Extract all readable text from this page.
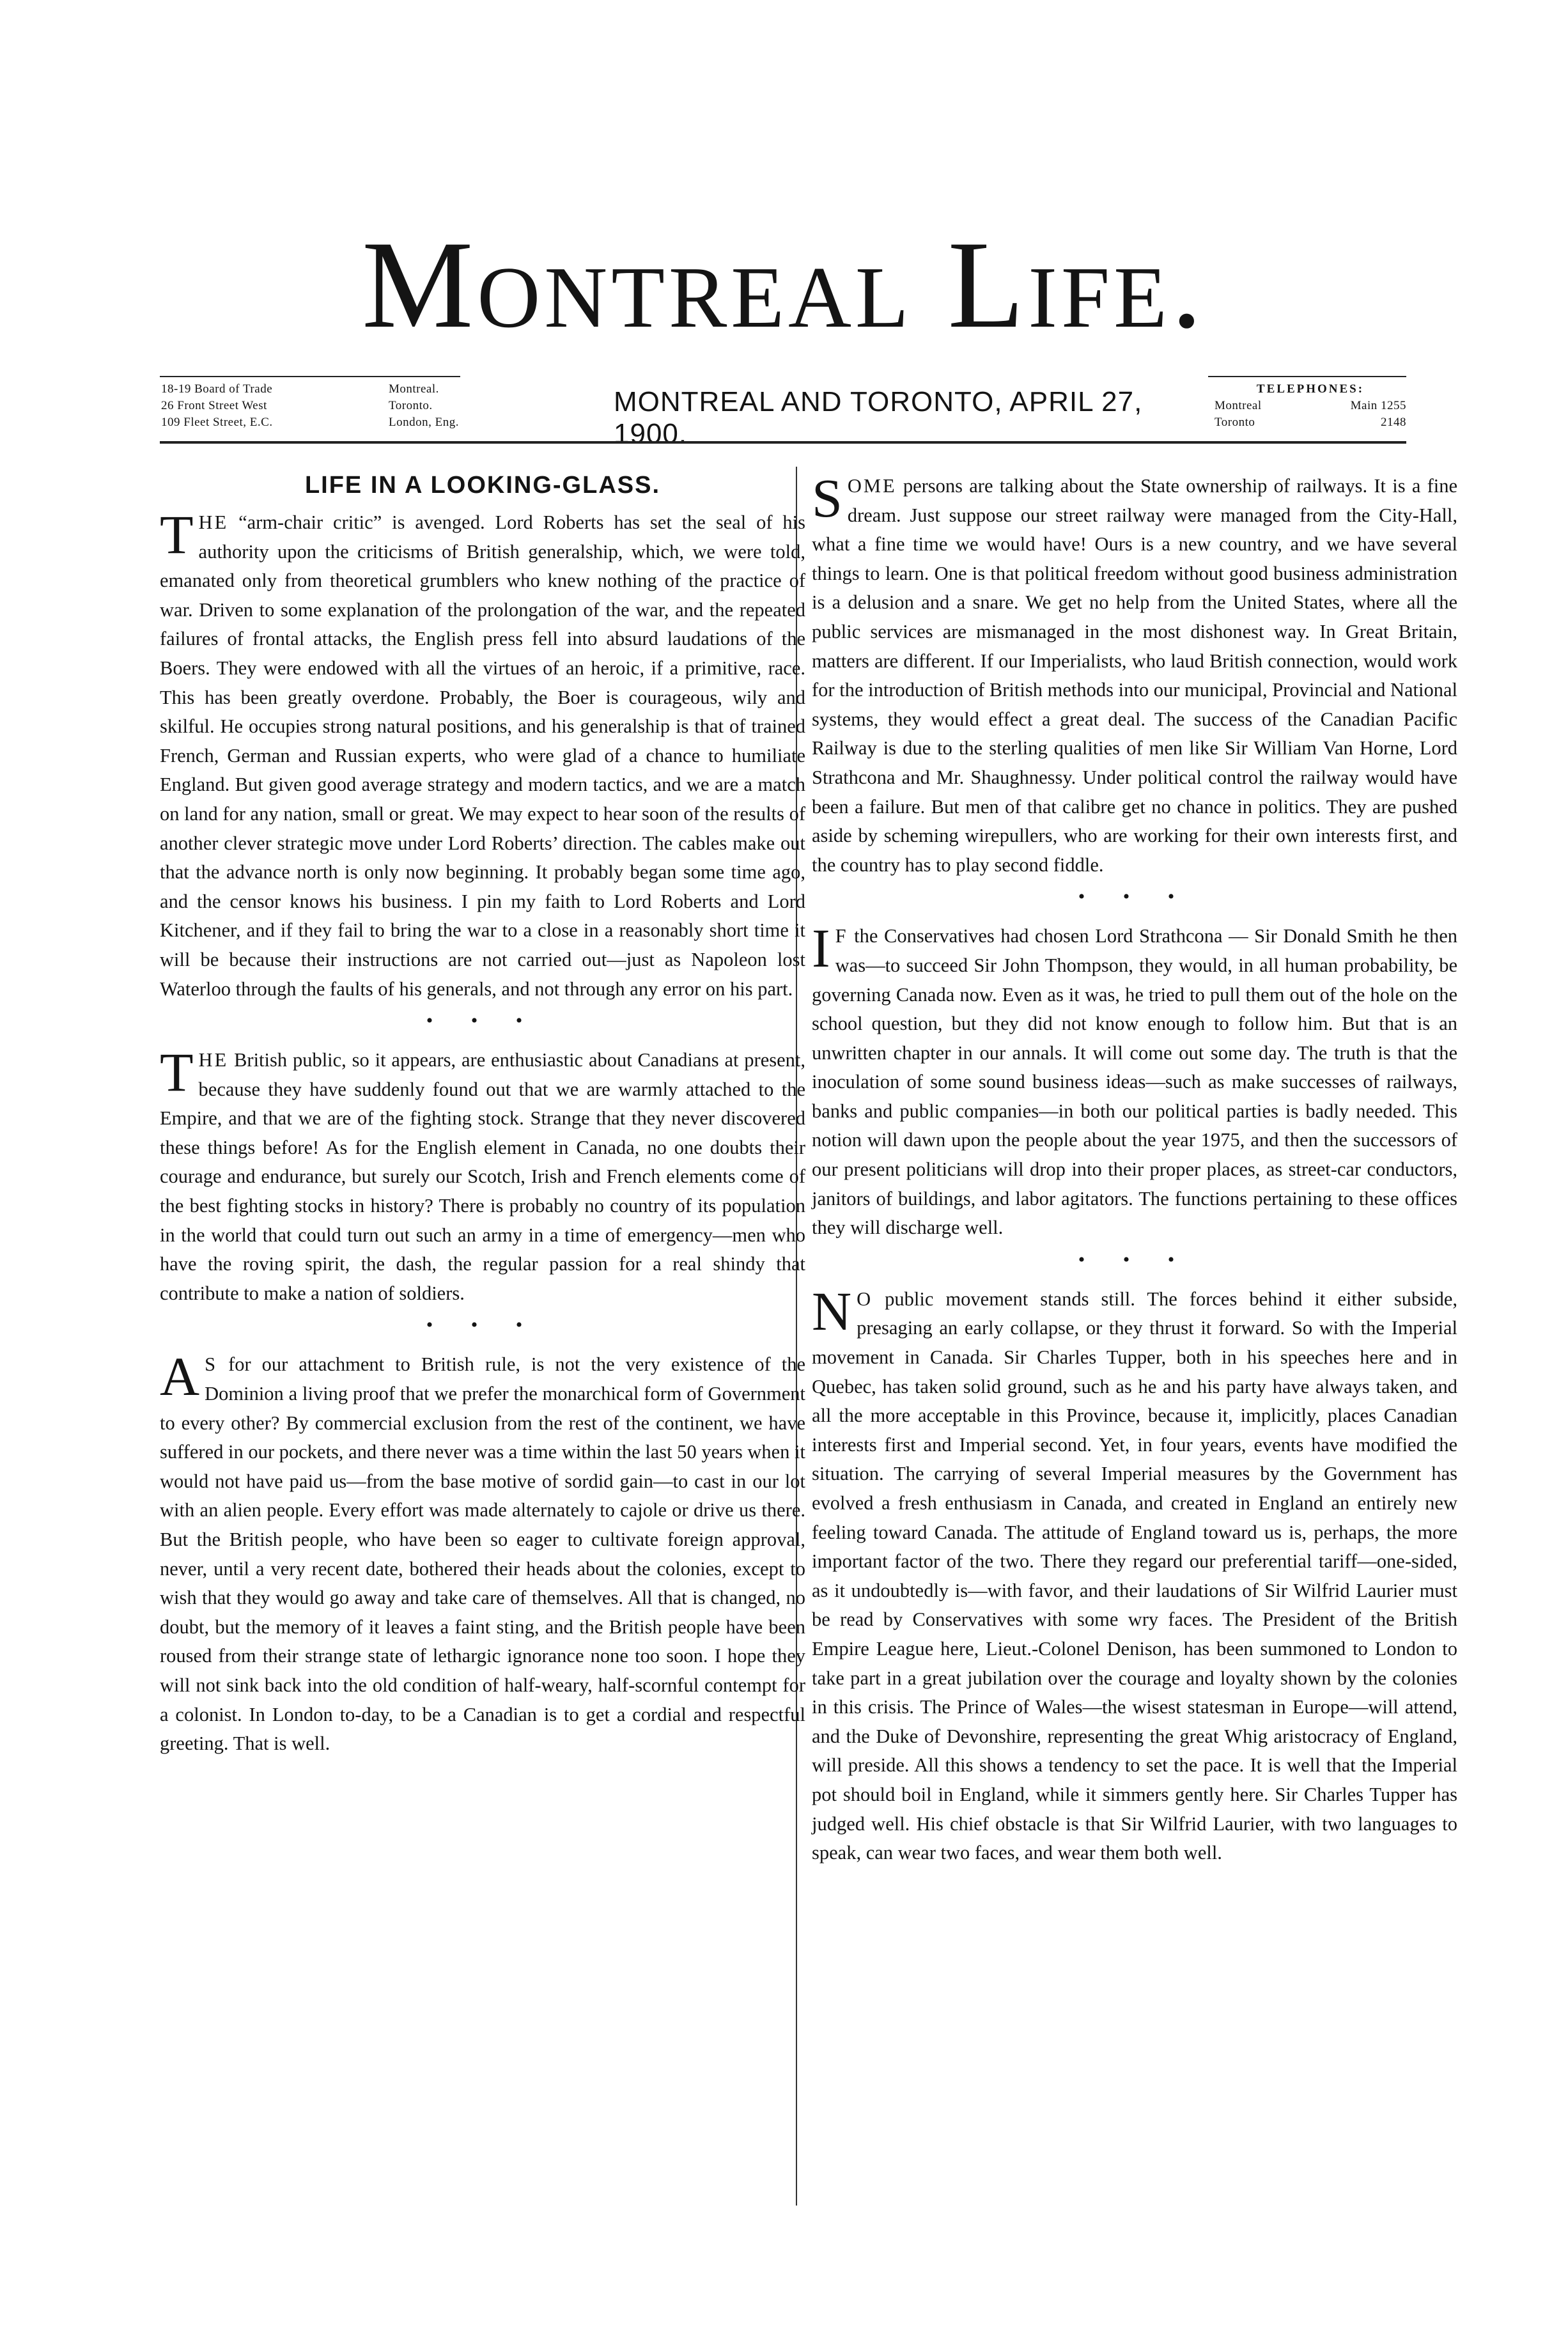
Montreal Life.
18-19 Board of Trade
26 Front Street West
109 Fleet Street, E.C.
Montreal.
Toronto.
London, Eng.
MONTREAL AND TORONTO, APRIL 27, 1900.
TELEPHONES:
Montreal	Main 1255
Toronto	2148
LIFE IN A LOOKING-GLASS.

THE “arm-chair critic” is avenged. Lord Roberts has set the seal of his authority upon the criticisms of British generalship, which, we were told, emanated only from theoretical grumblers who knew nothing of the practice of war. Driven to some explanation of the prolongation of the war, and the repeated failures of frontal attacks, the English press fell into absurd laudations of the Boers. They were endowed with all the virtues of an heroic, if a primitive, race. This has been greatly overdone. Probably, the Boer is courageous, wily and skilful. He occupies strong natural positions, and his generalship is that of trained French, German and Russian experts, who were glad of a chance to humiliate England. But given good average strategy and modern tactics, and we are a match on land for any nation, small or great. We may expect to hear soon of the results of another clever strategic move under Lord Roberts’ direction. The cables make out that the advance north is only now beginning. It probably began some time ago, and the censor knows his business. I pin my faith to Lord Roberts and Lord Kitchener, and if they fail to bring the war to a close in a reasonably short time it will be because their instructions are not carried out—just as Napoleon lost Waterloo through the faults of his generals, and not through any error on his part.

• • •

THE British public, so it appears, are enthusiastic about Canadians at present, because they have suddenly found out that we are warmly attached to the Empire, and that we are of the fighting stock. Strange that they never discovered these things before! As for the English element in Canada, no one doubts their courage and endurance, but surely our Scotch, Irish and French elements come of the best fighting stocks in history? There is probably no country of its population in the world that could turn out such an army in a time of emergency—men who have the roving spirit, the dash, the regular passion for a real shindy that contribute to make a nation of soldiers.

• • •

A S for our attachment to British rule, is not the very existence of the Dominion a living proof that we prefer the monarchical form of Government to every other? By commercial exclusion from the rest of the continent, we have suffered in our pockets, and there never was a time within the last 50 years when it would not have paid us—from the base motive of sordid gain—to cast in our lot with an alien people. Every effort was made alternately to cajole or drive us there. But the British people, who have been so eager to cultivate foreign approval, never, until a very recent date, bothered their heads about the colonies, except to wish that they would go away and take care of themselves. All that is changed, no doubt, but the memory of it leaves a faint sting, and the British people have been roused from their strange state of lethargic ignorance none too soon. I hope they will not sink back into the old condition of half-weary, half-scornful contempt for a colonist. In London to-day, to be a Canadian is to get a cordial and respectful greeting. That is well.

SOME persons are talking about the State ownership of railways. It is a fine dream. Just suppose our street railway were managed from the City-Hall, what a fine time we would have! Ours is a new country, and we have several things to learn. One is that political freedom without good business administration is a delusion and a snare. We get no help from the United States, where all the public services are mismanaged in the most dishonest way. In Great Britain, matters are different. If our Imperialists, who laud British connection, would work for the introduction of British methods into our municipal, Provincial and National systems, they would effect a great deal. The success of the Canadian Pacific Railway is due to the sterling qualities of men like Sir William Van Horne, Lord Strathcona and Mr. Shaughnessy. Under political control the railway would have been a failure. But men of that calibre get no chance in politics. They are pushed aside by scheming wirepullers, who are working for their own interests first, and the country has to play second fiddle.

• • •

I F the Conservatives had chosen Lord Strathcona — Sir Donald Smith he then was—to succeed Sir John Thompson, they would, in all human probability, be governing Canada now. Even as it was, he tried to pull them out of the hole on the school question, but they did not know enough to follow him. But that is an unwritten chapter in our annals. It will come out some day. The truth is that the inoculation of some sound business ideas—such as make successes of railways, banks and public companies—in both our political parties is badly needed. This notion will dawn upon the people about the year 1975, and then the successors of our present politicians will drop into their proper places, as street-car conductors, janitors of buildings, and labor agitators. The functions pertaining to these offices they will discharge well.

• • •

N O public movement stands still. The forces behind it either subside, presaging an early collapse, or they thrust it forward. So with the Imperial movement in Canada. Sir Charles Tupper, both in his speeches here and in Quebec, has taken solid ground, such as he and his party have always taken, and all the more acceptable in this Province, because it, implicitly, places Canadian interests first and Imperial second. Yet, in four years, events have modified the situation. The carrying of several Imperial measures by the Government has evolved a fresh enthusiasm in Canada, and created in England an entirely new feeling toward Canada. The attitude of England toward us is, perhaps, the more important factor of the two. There they regard our preferential tariff—one-sided, as it undoubtedly is—with favor, and their laudations of Sir Wilfrid Laurier must be read by Conservatives with some wry faces. The President of the British Empire League here, Lieut.-Colonel Denison, has been summoned to London to take part in a great jubilation over the courage and loyalty shown by the colonies in this crisis. The Prince of Wales—the wisest statesman in Europe—will attend, and the Duke of Devonshire, representing the great Whig aristocracy of England, will preside. All this shows a tendency to set the pace. It is well that the Imperial pot should boil in England, while it simmers gently here. Sir Charles Tupper has judged well. His chief obstacle is that Sir Wilfrid Laurier, with two languages to speak, can wear two faces, and wear them both well.
